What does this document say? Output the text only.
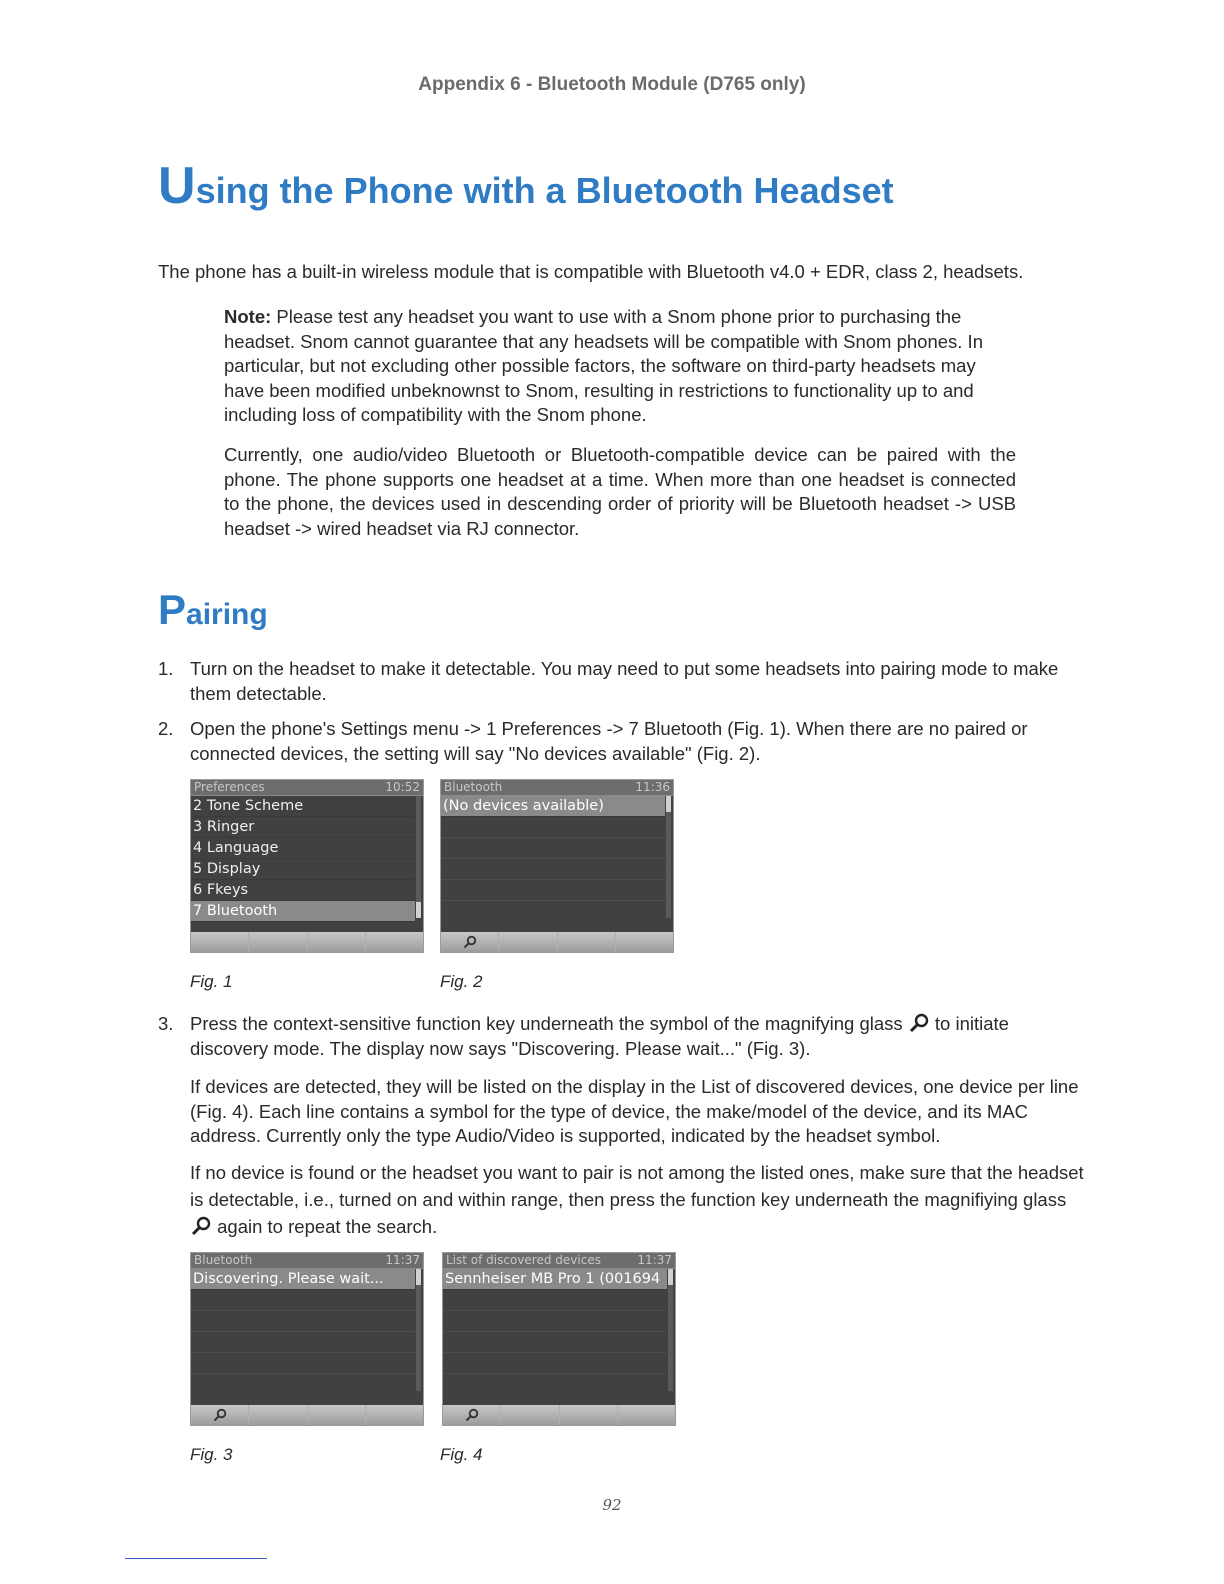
Appendix 6 - Bluetooth Module (D765 only)
Using the Phone with a Bluetooth Headset
The phone has a built-in wireless module that is compatible with Bluetooth v4.0 + EDR, class 2, headsets.
Note: Please test any headset you want to use with a Snom phone prior to purchasing the headset. Snom cannot guarantee that any headsets will be compatible with Snom phones. In particular, but not excluding other possible factors, the software on third-party headsets may have been modified unbeknownst to Snom, resulting in restrictions to functionality up to and including loss of compatibility with the Snom phone.
Currently, one audio/video Bluetooth or Bluetooth-compatible device can be paired with the phone. The phone supports one headset at a time. When more than one headset is connected to the phone, the devices used in descending order of priority will be Bluetooth headset -> USB headset -> wired headset via RJ connector.
Pairing
1. Turn on the headset to make it detectable. You may need to put some headsets into pairing mode to make them detectable.
2. Open the phone's Settings menu -> 1 Preferences -> 7 Bluetooth (Fig. 1). When there are no paired or connected devices, the setting will say "No devices available" (Fig. 2).
Preferences	10:52
2 Tone Scheme
3 Ringer
4 Language
5 Display
6 Fkeys
7 Bluetooth
Bluetooth	11:36
(No devices available)
Fig. 1	Fig. 2
3. Press the context-sensitive function key underneath the symbol of the magnifying glass to initiate discovery mode. The display now says "Discovering. Please wait..." (Fig. 3).
If devices are detected, they will be listed on the display in the List of discovered devices, one device per line (Fig. 4). Each line contains a symbol for the type of device, the make/model of the device, and its MAC address. Currently only the type Audio/Video is supported, indicated by the headset symbol.
If no device is found or the headset you want to pair is not among the listed ones, make sure that the headset is detectable, i.e., turned on and within range, then press the function key underneath the magnifiying glass  again to repeat the search.
Bluetooth	11:37
Discovering. Please wait...
List of discovered devices	11:37
Sennheiser MB Pro 1 (001694
Fig. 3	Fig. 4
92
